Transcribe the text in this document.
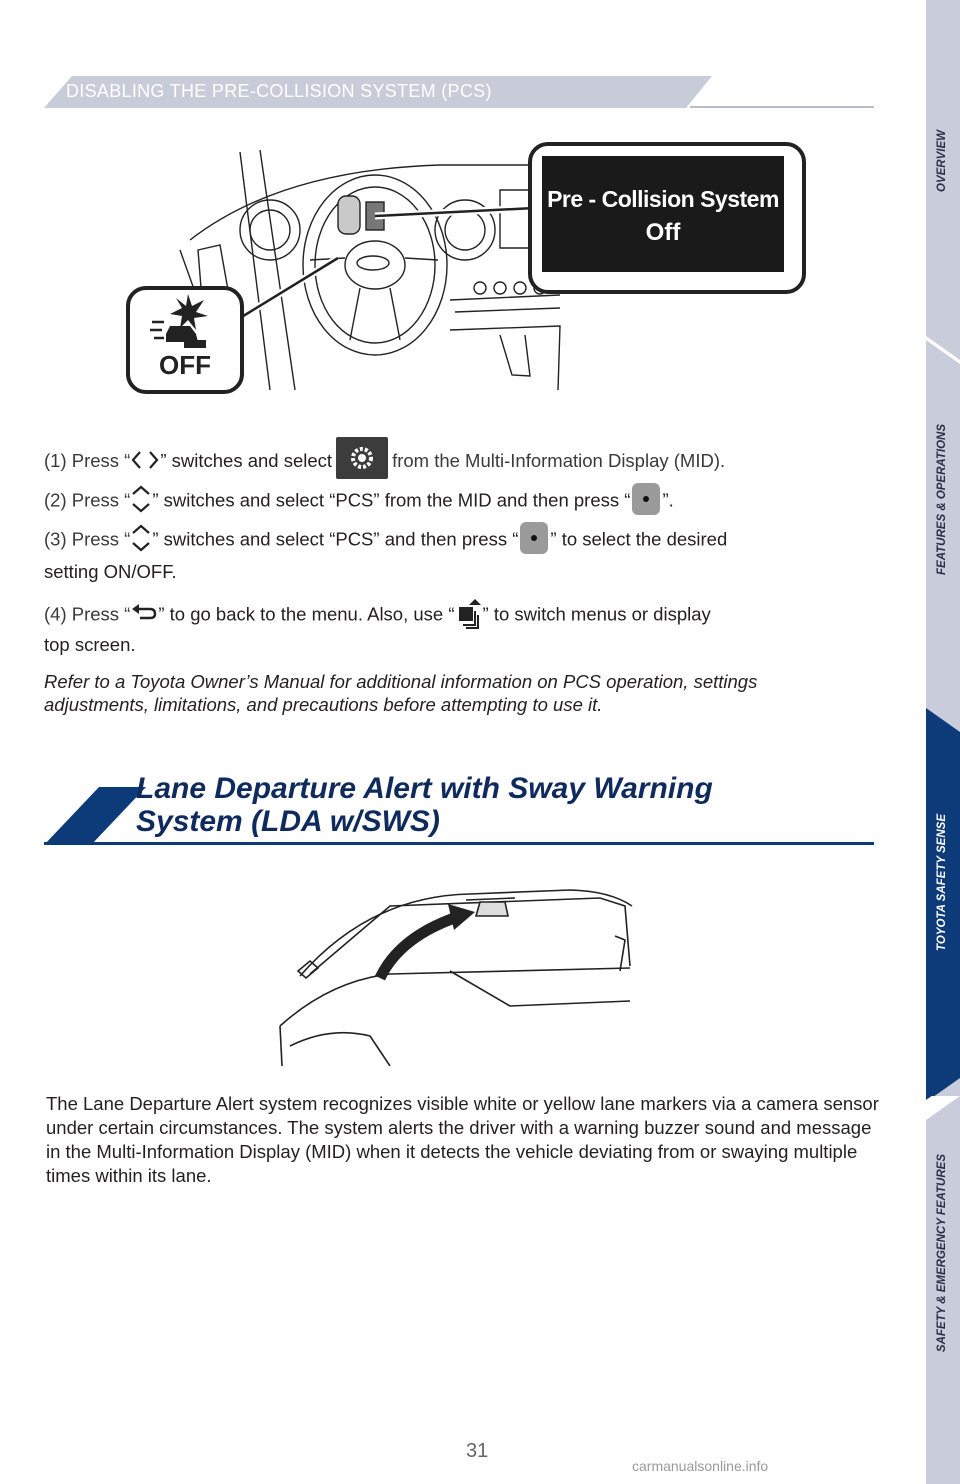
DISABLING THE PRE-COLLISION SYSTEM (PCS)
OVERVIEW
FEATURES & OPERATIONS
TOYOTA SAFETY SENSE
SAFETY & EMERGENCY FEATURES
Pre - Collision System
Off
OFF
(1) Press “ ” switches and select	from the Multi-Information Display (MID).
(2) Press “ ” switches and select “PCS” from the MID and then press “ ”.
(3) Press “ ” switches and select “PCS” and then press “ ” to select the desired
setting ON/OFF.
(4) Press “ ” to go back to the menu. Also, use “ ” to switch menus or display
top screen.
Refer to a Toyota Owner’s Manual for additional information on PCS operation, settings adjustments, limitations, and precautions before attempting to use it.
Lane Departure Alert with Sway Warning
System (LDA w/SWS)
The Lane Departure Alert system recognizes visible white or yellow lane markers via a camera sensor under certain circumstances. The system alerts the driver with a warning buzzer sound and message in the Multi-Information Display (MID) when it detects the vehicle deviating from or swaying multiple times within its lane.
31
carmanualsonline.info
